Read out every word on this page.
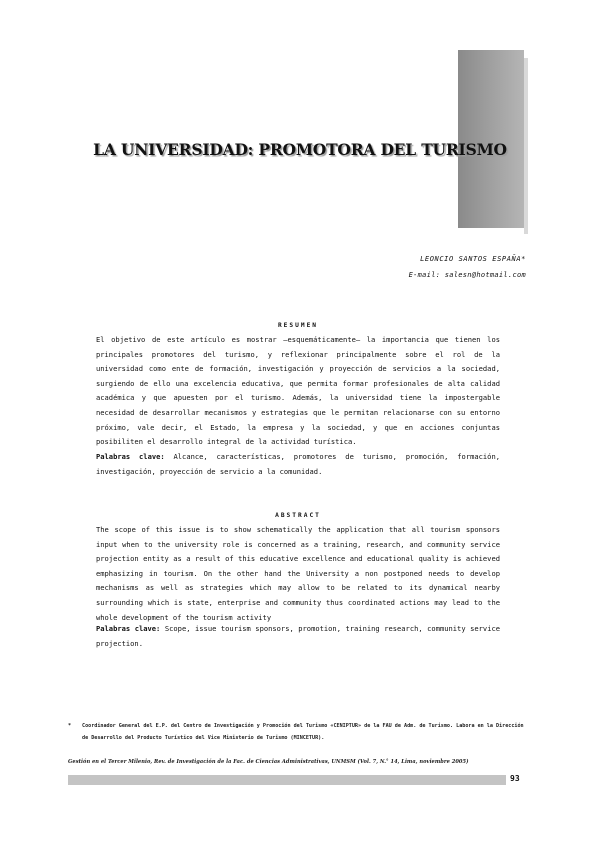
LA UNIVERSIDAD: PROMOTORA DEL TURISMO

LEONCIO SANTOS ESPAÑA*

E-mail: salesn@hotmail.com

RESUMEN

El objetivo de este artículo es mostrar –esquemáticamente– la importancia que tienen los principales promotores del turismo, y reflexionar principalmente sobre el rol de la universidad como ente de formación, investigación y proyección de servicios a la sociedad, surgiendo de ello una excelencia educativa, que permita formar profesionales de alta calidad académica y que apuesten por el turismo. Además, la universidad tiene la impostergable necesidad de desarrollar mecanismos y estrategias que le permitan relacionarse con su entorno próximo, vale decir, el Estado, la empresa y la sociedad, y que en acciones conjuntas posibiliten el desarrollo integral de la actividad turística.

Palabras clave: Alcance, características, promotores de turismo, promoción, formación, investigación, proyección de servicio a la comunidad.

ABSTRACT

The scope of this issue is to show schematically the application that all tourism sponsors input when to the university role is concerned as a training, research, and community service projection entity as a result of this educative excellence and educational quality is achieved emphasizing in tourism. On the other hand the University a non postponed needs to develop mechanisms as well as strategies which may allow to be related to its dynamical nearby surrounding which is state, enterprise and community thus coordinated actions may lead to the whole development of the tourism activity

Palabras clave: Scope, issue tourism sponsors, promotion, training research, community service projection.

*	Coordinador General del E.P. del Centro de Investigación y Promoción del Turismo «CENIPTUR» de la FAU de Adm. de Turismo. Labora en la Dirección de Desarrollo del Producto Turístico del Vice Ministerio de Turismo (MINCETUR).

Gestión en el Tercer Milenio, Rev. de Investigación de la Fac. de Ciencias Administrativas, UNMSM (Vol. 7, N.° 14, Lima, noviembre 2005)

93
